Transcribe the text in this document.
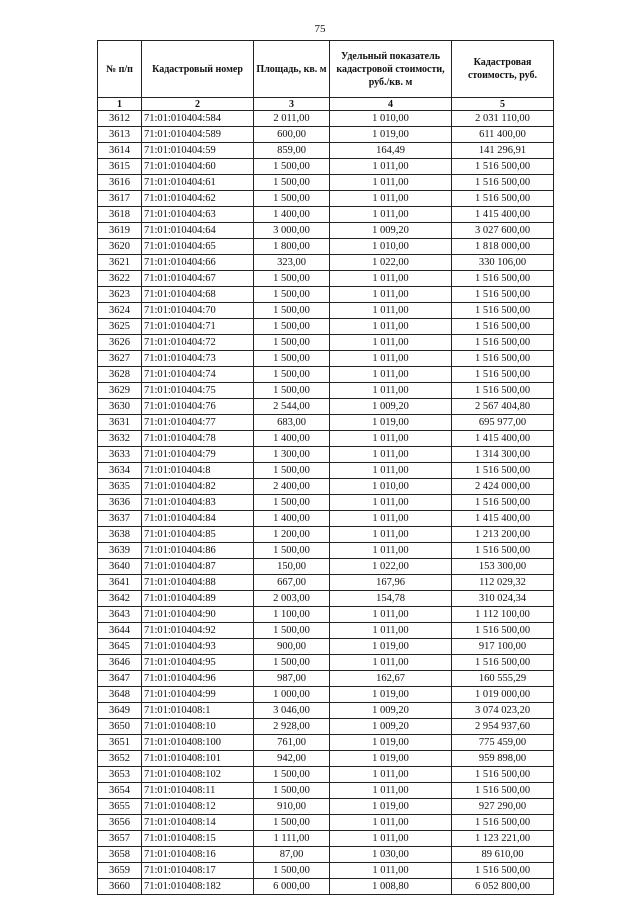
75
№ п/п	Кадастровый номер	Площадь, кв. м	Удельный показатель кадастровой стоимости, руб./кв. м	Кадастровая стоимость, руб.
1	2	3	4	5
3612	71:01:010404:584	2 011,00	1 010,00	2 031 110,00
3613	71:01:010404:589	600,00	1 019,00	611 400,00
3614	71:01:010404:59	859,00	164,49	141 296,91
3615	71:01:010404:60	1 500,00	1 011,00	1 516 500,00
3616	71:01:010404:61	1 500,00	1 011,00	1 516 500,00
3617	71:01:010404:62	1 500,00	1 011,00	1 516 500,00
3618	71:01:010404:63	1 400,00	1 011,00	1 415 400,00
3619	71:01:010404:64	3 000,00	1 009,20	3 027 600,00
3620	71:01:010404:65	1 800,00	1 010,00	1 818 000,00
3621	71:01:010404:66	323,00	1 022,00	330 106,00
3622	71:01:010404:67	1 500,00	1 011,00	1 516 500,00
3623	71:01:010404:68	1 500,00	1 011,00	1 516 500,00
3624	71:01:010404:70	1 500,00	1 011,00	1 516 500,00
3625	71:01:010404:71	1 500,00	1 011,00	1 516 500,00
3626	71:01:010404:72	1 500,00	1 011,00	1 516 500,00
3627	71:01:010404:73	1 500,00	1 011,00	1 516 500,00
3628	71:01:010404:74	1 500,00	1 011,00	1 516 500,00
3629	71:01:010404:75	1 500,00	1 011,00	1 516 500,00
3630	71:01:010404:76	2 544,00	1 009,20	2 567 404,80
3631	71:01:010404:77	683,00	1 019,00	695 977,00
3632	71:01:010404:78	1 400,00	1 011,00	1 415 400,00
3633	71:01:010404:79	1 300,00	1 011,00	1 314 300,00
3634	71:01:010404:8	1 500,00	1 011,00	1 516 500,00
3635	71:01:010404:82	2 400,00	1 010,00	2 424 000,00
3636	71:01:010404:83	1 500,00	1 011,00	1 516 500,00
3637	71:01:010404:84	1 400,00	1 011,00	1 415 400,00
3638	71:01:010404:85	1 200,00	1 011,00	1 213 200,00
3639	71:01:010404:86	1 500,00	1 011,00	1 516 500,00
3640	71:01:010404:87	150,00	1 022,00	153 300,00
3641	71:01:010404:88	667,00	167,96	112 029,32
3642	71:01:010404:89	2 003,00	154,78	310 024,34
3643	71:01:010404:90	1 100,00	1 011,00	1 112 100,00
3644	71:01:010404:92	1 500,00	1 011,00	1 516 500,00
3645	71:01:010404:93	900,00	1 019,00	917 100,00
3646	71:01:010404:95	1 500,00	1 011,00	1 516 500,00
3647	71:01:010404:96	987,00	162,67	160 555,29
3648	71:01:010404:99	1 000,00	1 019,00	1 019 000,00
3649	71:01:010408:1	3 046,00	1 009,20	3 074 023,20
3650	71:01:010408:10	2 928,00	1 009,20	2 954 937,60
3651	71:01:010408:100	761,00	1 019,00	775 459,00
3652	71:01:010408:101	942,00	1 019,00	959 898,00
3653	71:01:010408:102	1 500,00	1 011,00	1 516 500,00
3654	71:01:010408:11	1 500,00	1 011,00	1 516 500,00
3655	71:01:010408:12	910,00	1 019,00	927 290,00
3656	71:01:010408:14	1 500,00	1 011,00	1 516 500,00
3657	71:01:010408:15	1 111,00	1 011,00	1 123 221,00
3658	71:01:010408:16	87,00	1 030,00	89 610,00
3659	71:01:010408:17	1 500,00	1 011,00	1 516 500,00
3660	71:01:010408:182	6 000,00	1 008,80	6 052 800,00
